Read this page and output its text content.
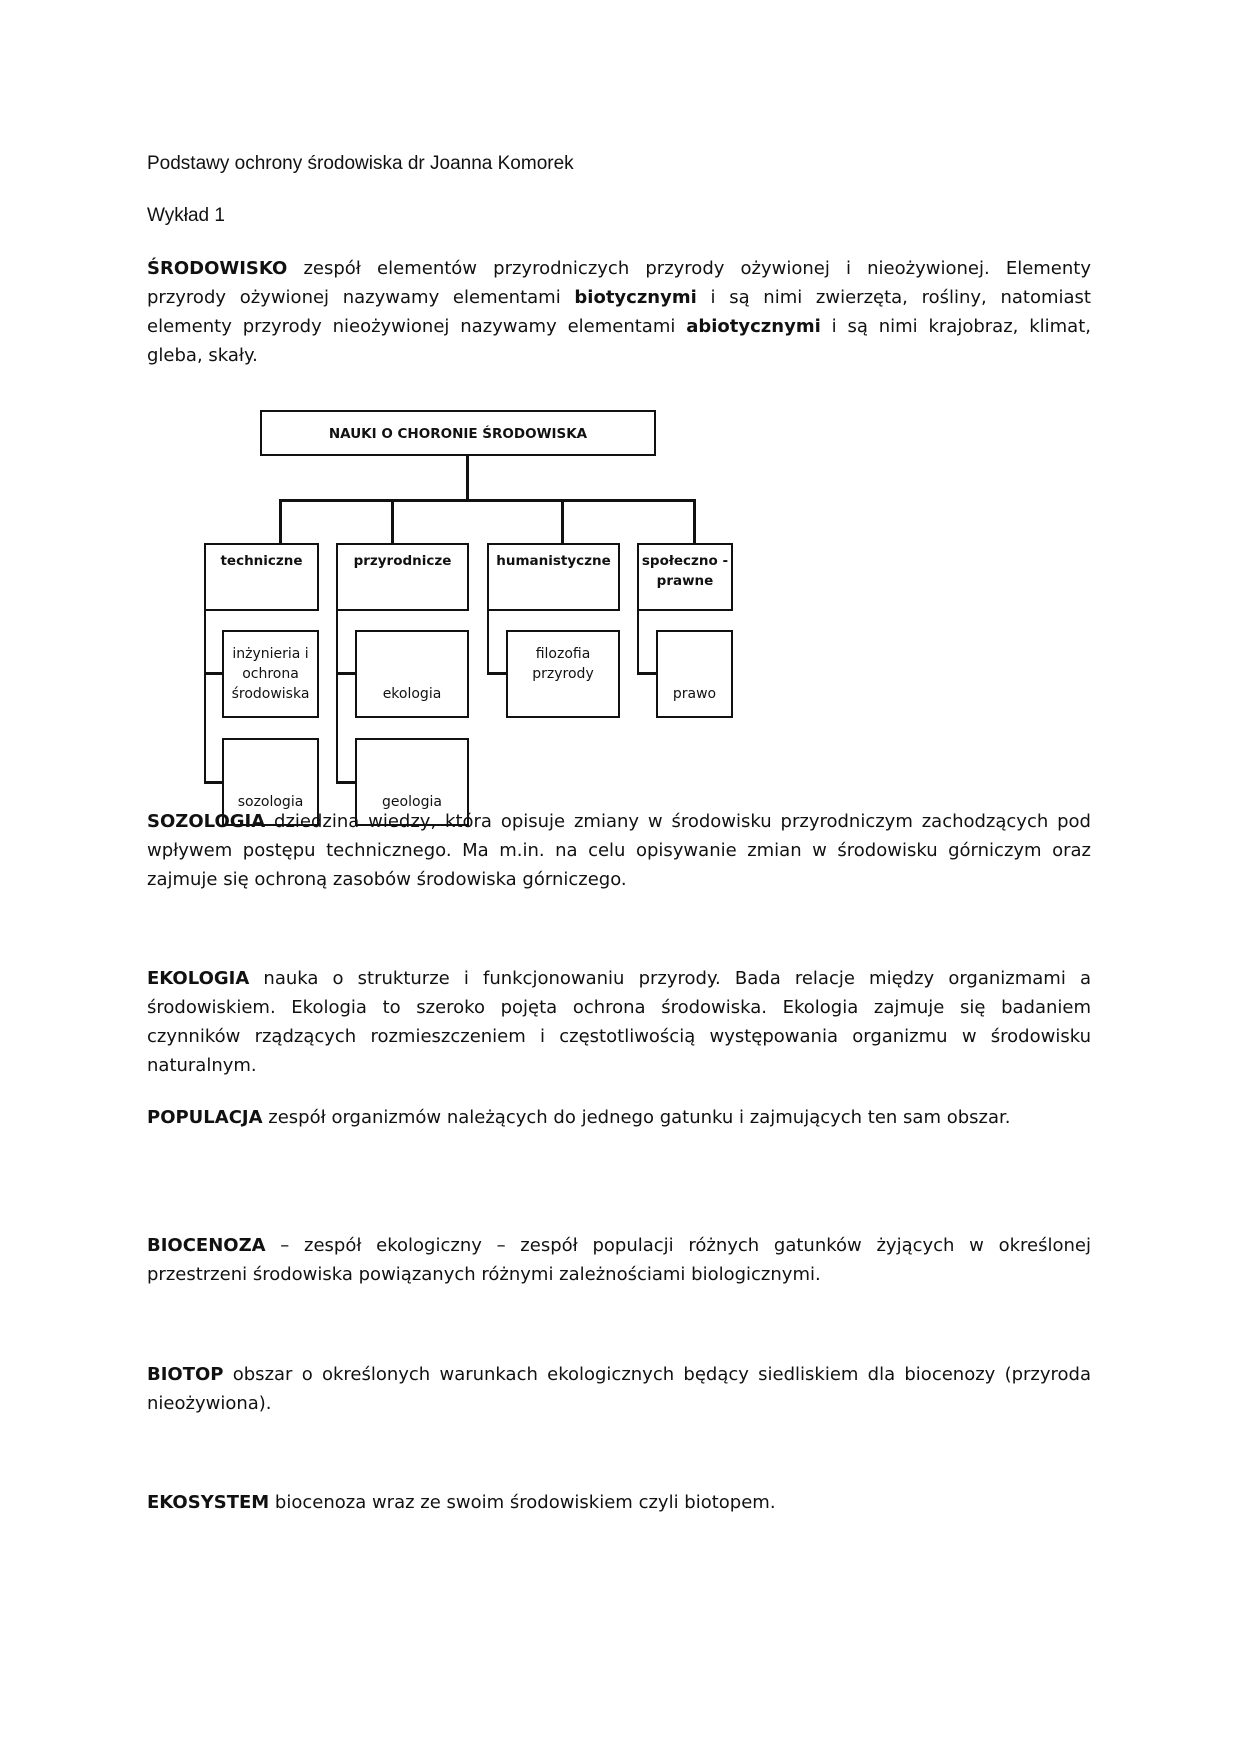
Podstawy ochrony środowiska dr Joanna Komorek
Wykład 1
ŚRODOWISKO zespół elementów przyrodniczych przyrody ożywionej i nieożywionej. Elementy przyrody ożywionej nazywamy elementami biotycznymi i są nimi zwierzęta, rośliny, natomiast elementy przyrody nieożywionej nazywamy elementami abiotycznymi i są nimi krajobraz, klimat, gleba, skały.
NAUKI O CHORONIE ŚRODOWISKA
techniczne	przyrodnicze	humanistyczne	społeczno -prawne
inżynieria i ochrona środowiska
sozologia
ekologia
geologia
filozofia przyrody
prawo
SOZOLOGIA dziedzina wiedzy, która opisuje zmiany w środowisku przyrodniczym zachodzących pod wpływem postępu technicznego. Ma m.in. na celu opisywanie zmian w środowisku górniczym oraz zajmuje się ochroną zasobów środowiska górniczego.
EKOLOGIA nauka o strukturze i funkcjonowaniu przyrody. Bada relacje między organizmami a środowiskiem. Ekologia to szeroko pojęta ochrona środowiska. Ekologia zajmuje się badaniem czynników rządzących rozmieszczeniem i częstotliwością występowania organizmu w środowisku naturalnym.
POPULACJA zespół organizmów należących do jednego gatunku i zajmujących ten sam obszar.
BIOCENOZA – zespół ekologiczny – zespół populacji różnych gatunków żyjących w określonej przestrzeni środowiska powiązanych różnymi zależnościami biologicznymi.
BIOTOP obszar o określonych warunkach ekologicznych będący siedliskiem dla biocenozy (przyroda nieożywiona).
EKOSYSTEM biocenoza wraz ze swoim środowiskiem czyli biotopem.
